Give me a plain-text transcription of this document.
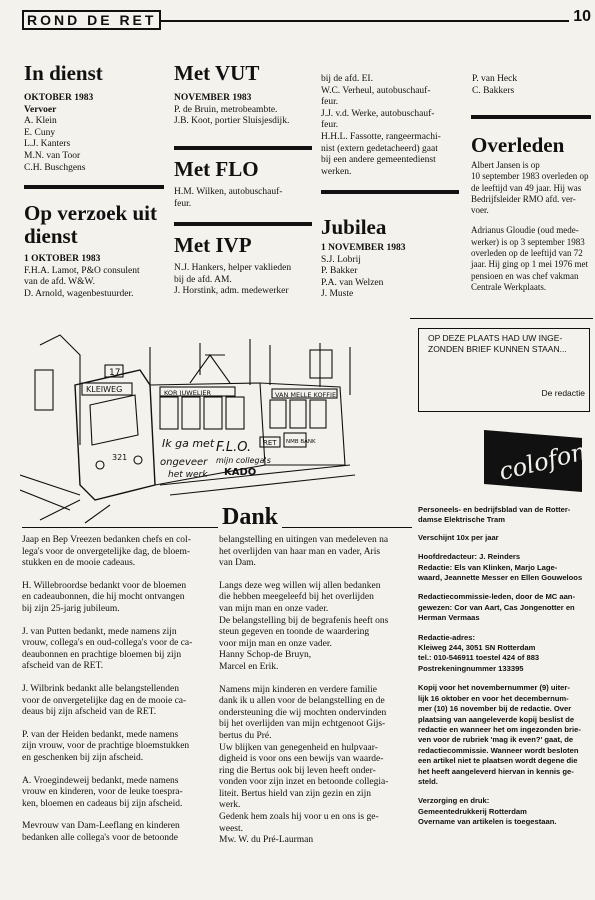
ROND DE RET	10
In dienst
OKTOBER 1983
Vervoer
A. Klein
E. Cuny
L.J. Kanters
M.N. van Toor
C.H. Buschgens
Op verzoek uit
dienst
1 OKTOBER 1983
F.H.A. Lamot, P&O consulent
van de afd. W&W.
D. Arnold, wagenbestuurder.
Met VUT
NOVEMBER 1983
P. de Bruin, metrobeambte.
J.B. Koot, portier Sluisjesdijk.
Met FLO
H.M. Wilken, autobuschauf-
feur.
Met IVP
N.J. Hankers, helper vaklieden
bij de afd. AM.
J. Horstink, adm. medewerker
bij de afd. EI.
W.C. Verheul, autobuschauf-
feur.
J.J. v.d. Werke, autobuschauf-
feur.
H.H.L. Fassotte, rangeermachi-
nist (extern gedetacheerd) gaat
bij een andere gemeentedienst
werken.
Jubilea
1 NOVEMBER 1983
S.J. Lobrij
P. Bakker
P.A. van Welzen
J. Muste
P. van Heck
C. Bakkers
Overleden
Albert Jansen is op
10 september 1983 overleden op
de leeftijd van 49 jaar. Hij was
Bedrijfsleider RMO afd. ver-
voer.
Adrianus Gloudie (oud mede-
werker) is op 3 september 1983
overleden op de leeftijd van 72
jaar. Hij ging op 1 mei 1976 met
pensioen en was chef vakman
Centrale Werkplaats.
OP DEZE PLAATS HAD UW INGE-
ZONDEN BRIEF KUNNEN STAAN...
De redactie
colofon
17
KLEIWEG	KOR JUWELIER	VAN MELLE KOFFIE
RET NMB BANK
321
Ik ga met F.L.O.
ongeveer mijn collega's
het werk KADO
Dank
Jaap en Bep Vreezen bedanken chefs en col-
lega's voor de onvergetelijke dag, de bloem-
stukken en de mooie cadeaus.
H. Willebroordse bedankt voor de bloemen
en cadeaubonnen, die hij mocht ontvangen
bij zijn 25-jarig jubileum.
J. van Putten bedankt, mede namens zijn
vrouw, collega's en oud-collega's voor de ca-
deaubonnen en prachtige bloemen bij zijn
afscheid van de RET.
J. Wilbrink bedankt alle belangstellenden
voor de onvergetelijke dag en de mooie ca-
deaus bij zijn afscheid van de RET.
P. van der Heiden bedankt, mede namens
zijn vrouw, voor de prachtige bloemstukken
en geschenken bij zijn afscheid.
A. Vroegindeweij bedankt, mede namens
vrouw en kinderen, voor de leuke toespra-
ken, bloemen en cadeaus bij zijn afscheid.
Mevrouw van Dam-Leeflang en kinderen
bedanken alle collega's voor de betoonde
belangstelling en uitingen van medeleven na
het overlijden van haar man en vader, Aris
van Dam.
Langs deze weg willen wij allen bedanken
die hebben meegeleefd bij het overlijden
van mijn man en onze vader.
De belangstelling bij de begrafenis heeft ons
steun gegeven en toonde de waardering
voor mijn man en onze vader.
Hanny Schop-de Bruyn,
Marcel en Erik.
Namens mijn kinderen en verdere familie
dank ik u allen voor de belangstelling en de
ondersteuning die wij mochten ondervinden
bij het overlijden van mijn echtgenoot Gijs-
bertus du Pré.
Uw blijken van genegenheid en hulpvaar-
digheid is voor ons een bewijs van waarde-
ring die Bertus ook bij leven heeft onder-
vonden voor zijn inzet en betoonde collegia-
liteit. Bertus hield van zijn gezin en zijn
werk.
Gedenk hem zoals hij voor u en ons is ge-
weest.
Mw. W. du Pré-Laurman
Personeels- en bedrijfsblad van de Rotter-
damse Elektrische Tram
Verschijnt 10x per jaar
Hoofdredacteur: J. Reinders
Redactie: Els van Klinken, Marjo Lage-
waard, Jeannette Messer en Ellen Gouweloos
Redactiecommissie-leden, door de MC aan-
gewezen: Cor van Aart, Cas Jongenotter en
Herman Vermaas
Redactie-adres:
Kleiweg 244, 3051 SN Rotterdam
tel.: 010-546911 toestel 424 of 883
Postrekeningnummer 133395
Kopij voor het novembernummer (9) uiter-
lijk 16 oktober en voor het decembernum-
mer (10) 16 november bij de redactie. Over
plaatsing van aangeleverde kopij beslist de
redactie en wanneer het om ingezonden brie-
ven voor de rubriek 'mag ik even?' gaat, de
redactiecommissie. Wanneer wordt besloten
een artikel niet te plaatsen wordt degene die
het heeft aangeleverd hiervan in kennis ge-
steld.
Verzorging en druk:
Gemeentedrukkerij Rotterdam
Overname van artikelen is toegestaan.
